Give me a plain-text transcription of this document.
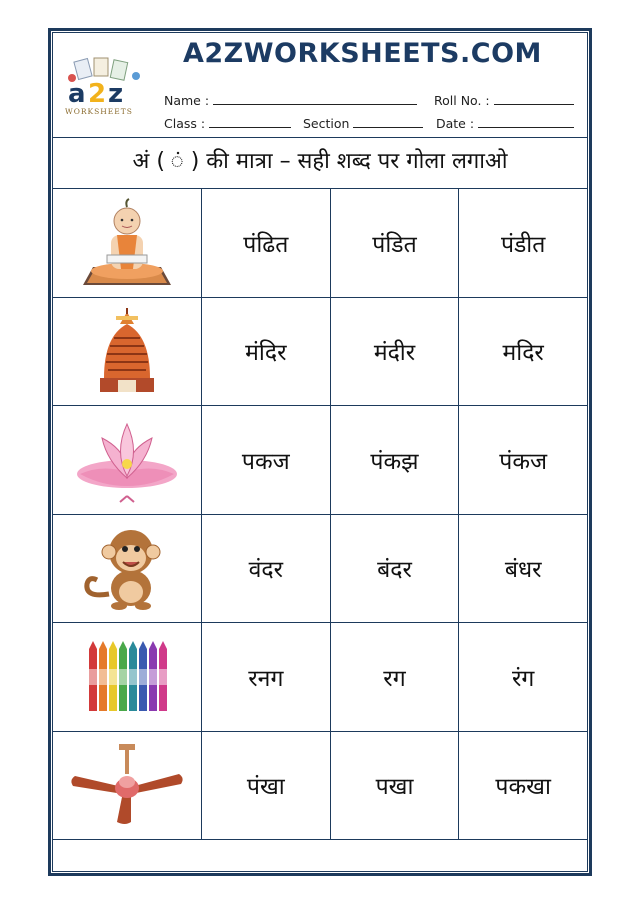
a 2 z
WORKSHEETS
A2ZWORKSHEETS.COM
Name :	Roll No. :
Class :	Section	Date :
अं ( ं ) की मात्रा – सही शब्द पर गोला लगाओ
	पंढित	पंडित	पंडीत

	मंदिर	मंदीर	मदिर

	पकज	पंकझ	पंकज

	वंदर	बंदर	बंधर

	रनग	रग	रंग

	पंखा	पखा	पकखा
